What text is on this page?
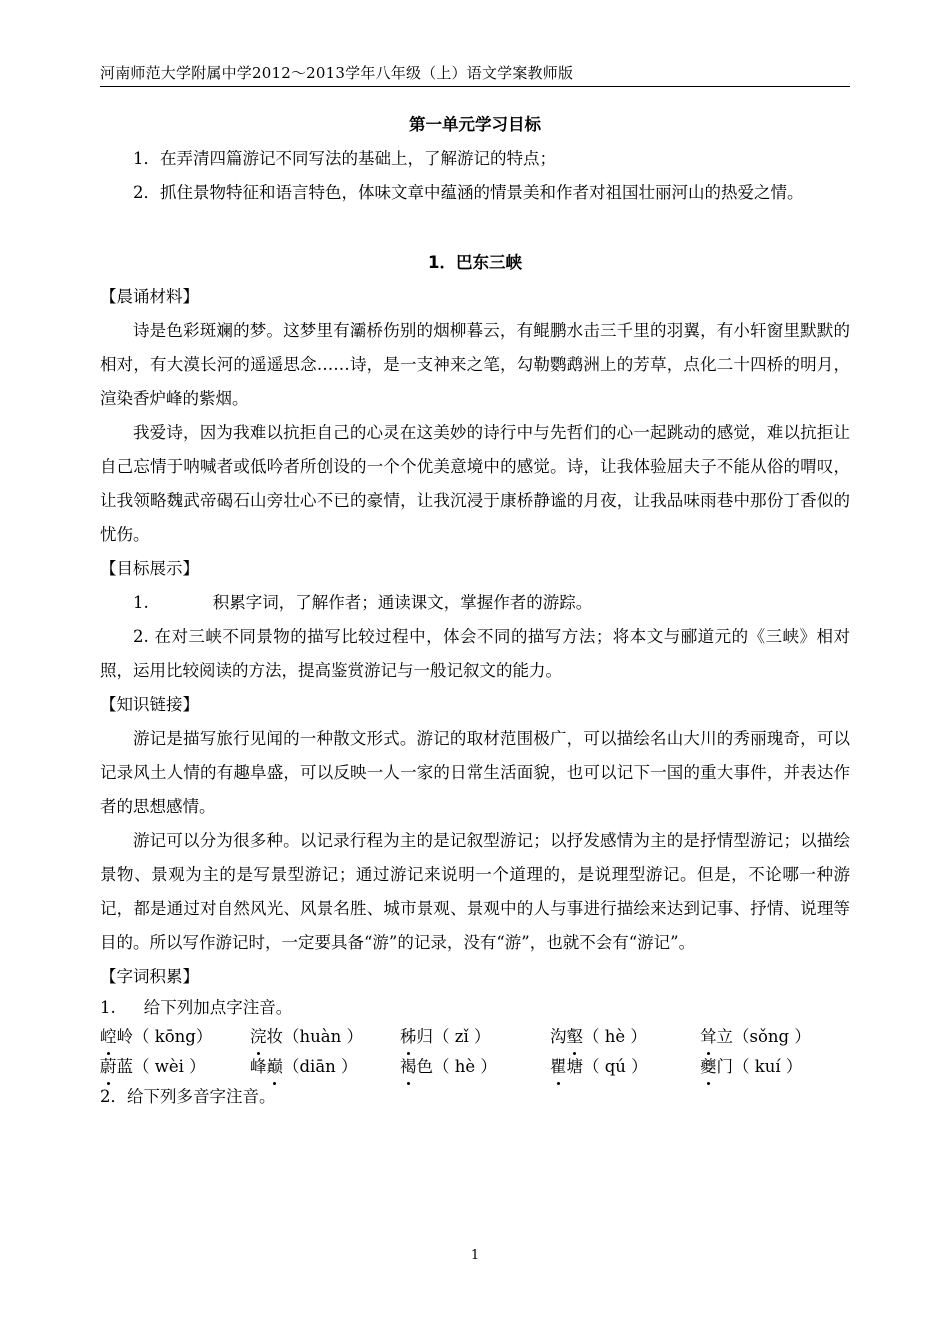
河南师范大学附属中学2012～2013学年八年级（上）语文学案教师版
第一单元学习目标
1．在弄清四篇游记不同写法的基础上，了解游记的特点；
2．抓住景物特征和语言特色，体味文章中蕴涵的情景美和作者对祖国壮丽河山的热爱之情。
1．巴东三峡
【晨诵材料】
诗是色彩斑斓的梦。这梦里有灞桥伤别的烟柳暮云，有鲲鹏水击三千里的羽翼，有小轩窗里默默的相对，有大漠长河的遥遥思念……诗，是一支神来之笔，勾勒鹦鹉洲上的芳草，点化二十四桥的明月，渲染香炉峰的紫烟。
我爱诗，因为我难以抗拒自己的心灵在这美妙的诗行中与先哲们的心一起跳动的感觉，难以抗拒让自己忘情于呐喊者或低吟者所创设的一个个优美意境中的感觉。诗，让我体验屈夫子不能从俗的喟叹，让我领略魏武帝碣石山旁壮心不已的豪情，让我沉浸于康桥静谧的月夜，让我品味雨巷中那份丁香似的忧伤。
【目标展示】
1.	积累字词，了解作者；通读课文，掌握作者的游踪。
2. 在对三峡不同景物的描写比较过程中，体会不同的描写方法；将本文与郦道元的《三峡》相对照，运用比较阅读的方法，提高鉴赏游记与一般记叙文的能力。
【知识链接】
游记是描写旅行见闻的一种散文形式。游记的取材范围极广，可以描绘名山大川的秀丽瑰奇，可以记录风土人情的有趣阜盛，可以反映一人一家的日常生活面貌，也可以记下一国的重大事件，并表达作者的思想感情。
游记可以分为很多种。以记录行程为主的是记叙型游记；以抒发感情为主的是抒情型游记；以描绘景物、景观为主的是写景型游记；通过游记来说明一个道理的，是说理型游记。但是，不论哪一种游记，都是通过对自然风光、风景名胜、城市景观、景观中的人与事进行描绘来达到记事、抒情、说理等目的。所以写作游记时，一定要具备“游”的记录，没有“游”，也就不会有“游记”。
【字词积累】
1. 给下列加点字注音。
崆岭（ kōng）	浣妆（huàn ）	秭归（ zǐ ）	沟壑（ hè ）	耸立（sǒng ）
蔚蓝（ wèi ）	峰巅（diān ）	褐色（ hè ）	瞿塘（ qú ）	夔门（ kuí ）
2．给下列多音字注音。
1
